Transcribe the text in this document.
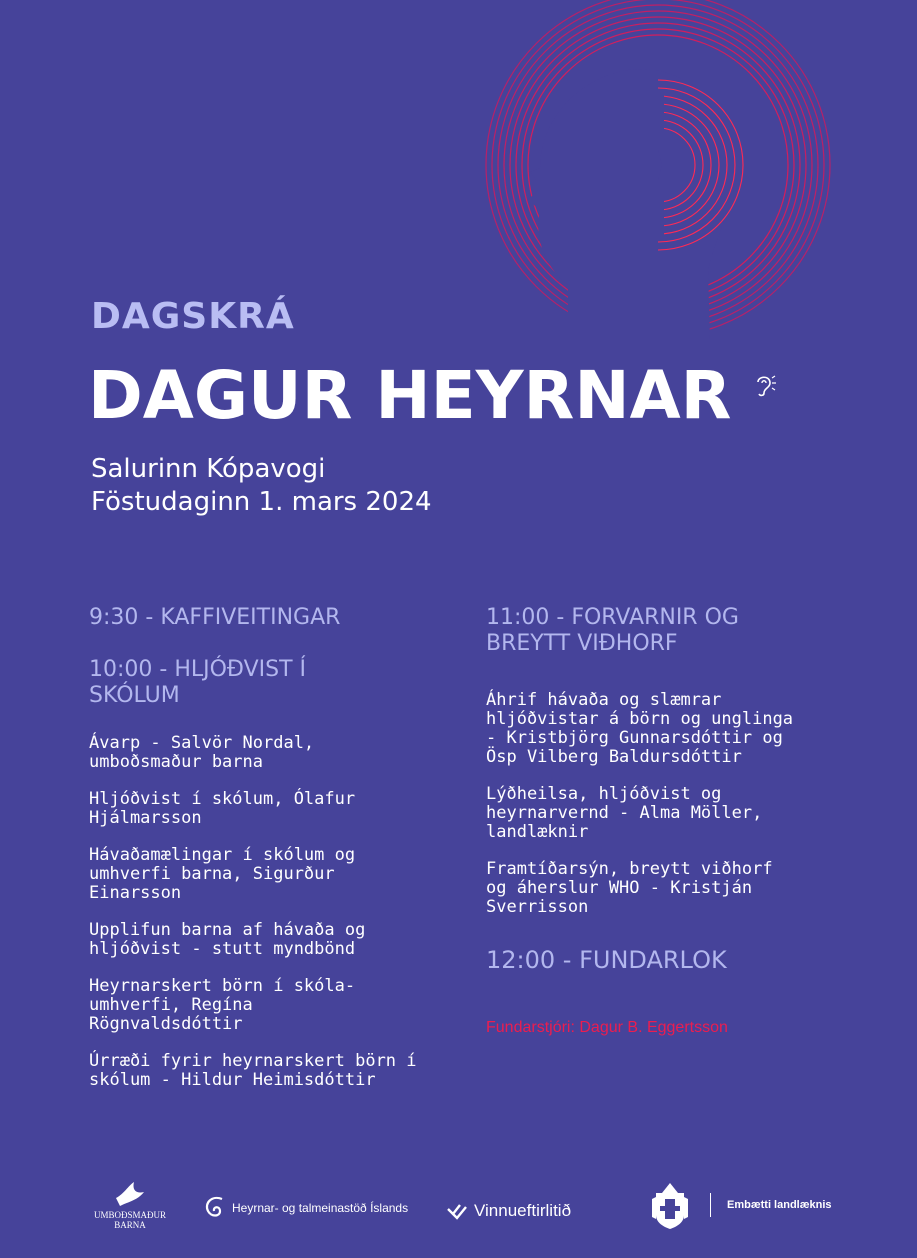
DAGSKRÁ
DAGUR HEYRNAR
Salurinn Kópavogi
Föstudaginn 1. mars 2024
9:30 - KAFFIVEITINGAR
10:00 - HLJÓÐVIST Í
SKÓLUM
Ávarp - Salvör Nordal,
umboðsmaður barna
Hljóðvist í skólum, Ólafur
Hjálmarsson
Hávaðamælingar í skólum og
umhverfi barna, Sigurður
Einarsson
Upplifun barna af hávaða og
hljóðvist - stutt myndbönd
Heyrnarskert börn í skóla-
umhverfi, Regína
Rögnvaldsdóttir
Úrræði fyrir heyrnarskert börn í
skólum - Hildur Heimisdóttir
11:00 - FORVARNIR OG
BREYTT VIÐHORF
Áhrif hávaða og slæmrar
hljóðvistar á börn og unglinga
- Kristbjörg Gunnarsdóttir og
Ösp Vilberg Baldursdóttir
Lýðheilsa, hljóðvist og
heyrnarvernd - Alma Möller,
landlæknir
Framtíðarsýn, breytt viðhorf
og áherslur WHO - Kristján
Sverrisson
12:00 - FUNDARLOK
Fundarstjóri: Dagur B. Eggertsson
UMBOÐSMAÐUR
BARNA
Heyrnar- og talmeinastöð Íslands	Vinnueftirlitið	Embætti landlæknis
